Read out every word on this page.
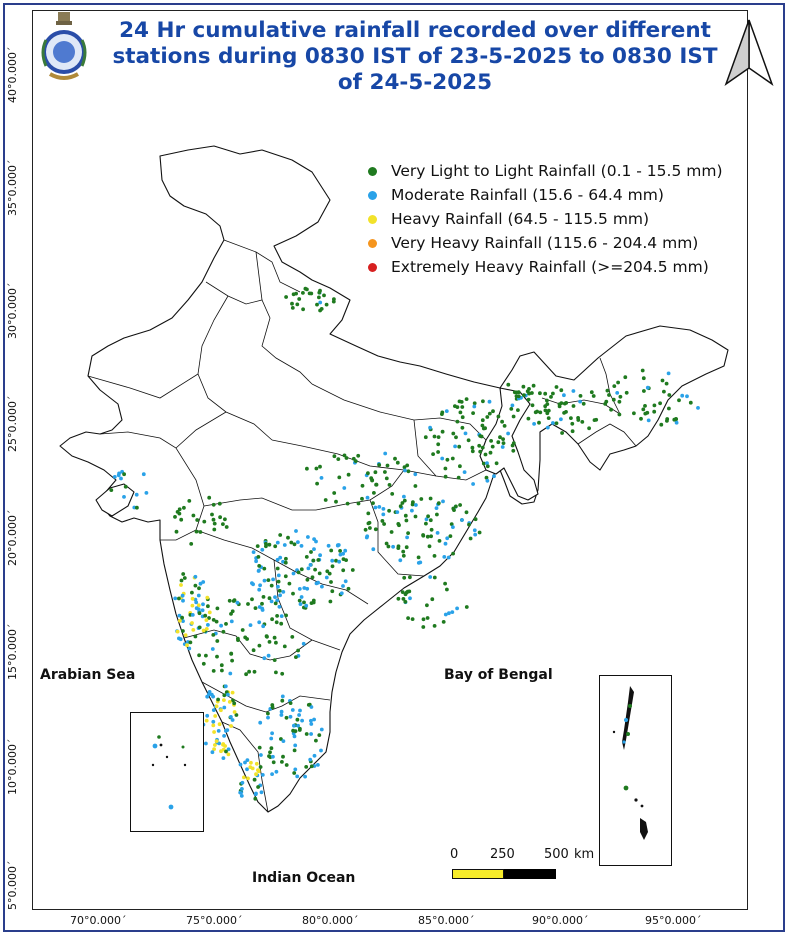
24 Hr cumulative rainfall recorded over different
stations during 0830 IST of 23-5-2025 to 0830 IST
of 24-5-2025
40°0.000´
35°0.000´
30°0.000´
25°0.000´
20°0.000´
15°0.000´
10°0.000´
5°0.000´
70°0.000´	75°0.000´	80°0.000´	85°0.000´	90°0.000´	95°0.000´
Very Light to Light Rainfall (0.1 - 15.5 mm)
Moderate Rainfall (15.6 - 64.4 mm)
Heavy Rainfall (64.5 - 115.5 mm)
Very Heavy Rainfall (115.6 - 204.4 mm)
Extremely Heavy Rainfall (>=204.5 mm)
Arabian Sea	Bay of Bengal
Indian Ocean
0 250 500 km
